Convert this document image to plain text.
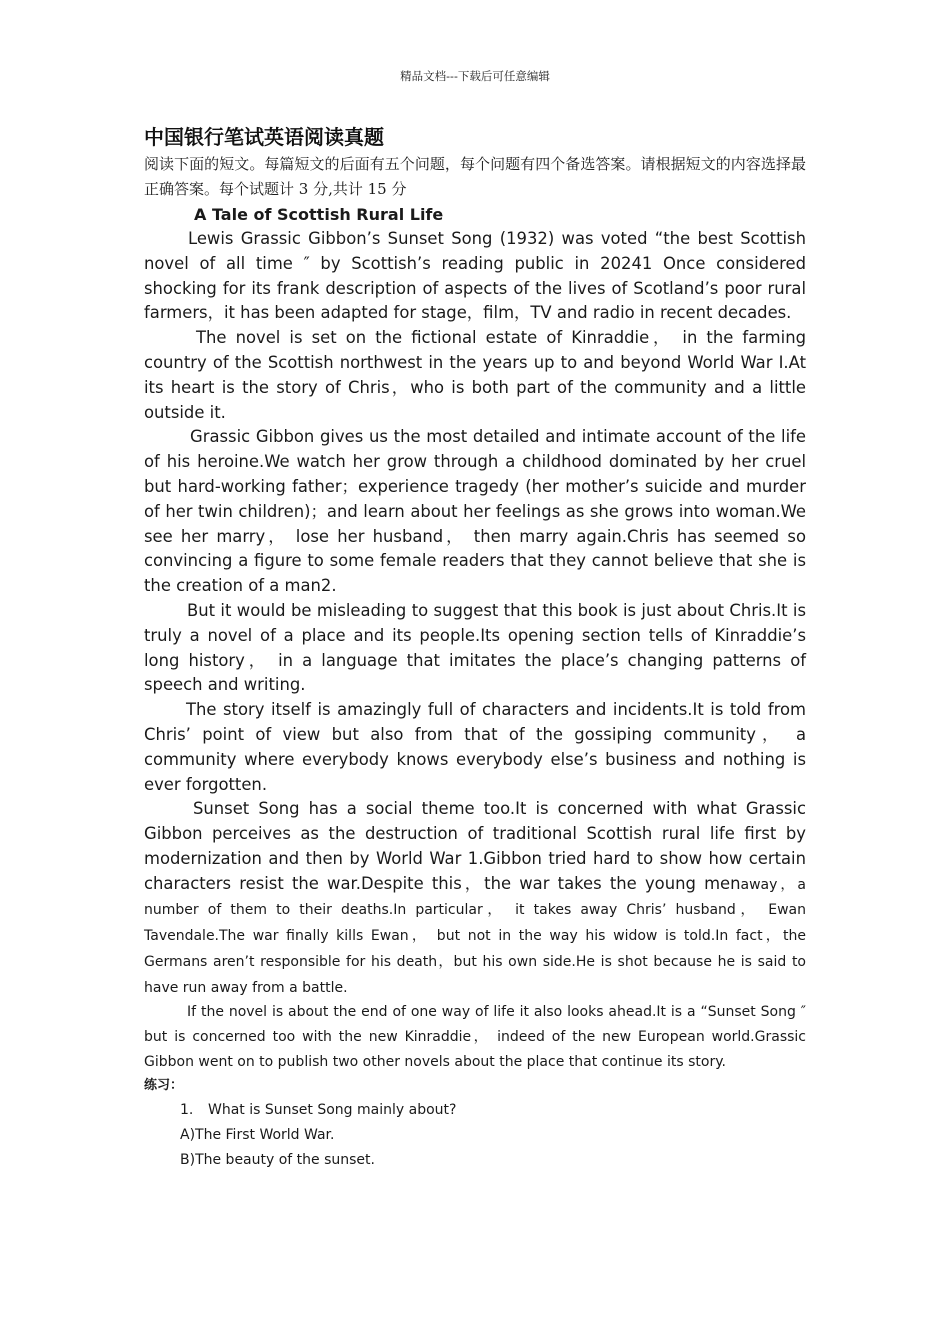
精品文档---下载后可任意编辑
中国银行笔试英语阅读真题

阅读下面的短文。每篇短文的后面有五个问题，每个问题有四个备选答案。请根据短文的内容选择最正确答案。每个试题计 3 分,共计 15 分

A Tale of Scottish Rural Life

Lewis Grassic Gibbon’s Sunset Song (1932) was voted “the best Scottish novel of all time ″ by Scottish’s reading public in 20241 Once considered shocking for its frank description of aspects of the lives of Scotland’s poor rural farmers，it has been adapted for stage，film，TV and radio in recent decades.

The novel is set on the fictional estate of Kinraddie， in the farming country of the Scottish northwest in the years up to and beyond World War I.At its heart is the story of Chris，who is both part of the community and a little outside it.

Grassic Gibbon gives us the most detailed and intimate account of the life of his heroine.We watch her grow through a childhood dominated by her cruel but hard-working father；experience tragedy (her mother’s suicide and murder of her twin children)；and learn about her feelings as she grows into woman.We see her marry， lose her husband， then marry again.Chris has seemed so convincing a figure to some female readers that they cannot believe that she is the creation of a man2.

But it would be misleading to suggest that this book is just about Chris.It is truly a novel of a place and its people.Its opening section tells of Kinraddie’s long history， in a language that imitates the place’s changing patterns of speech and writing.

The story itself is amazingly full of characters and incidents.It is told from Chris’ point of view but also from that of the gossiping community， a community where everybody knows everybody else’s business and nothing is ever forgotten.

Sunset Song has a social theme too.It is concerned with what Grassic Gibbon perceives as the destruction of traditional Scottish rural life first by modernization and then by World War 1.Gibbon tried hard to show how certain characters resist the war.Despite this，the war takes the young menaway，a number of them to their deaths.In particular， it takes away Chris’ husband， Ewan Tavendale.The war finally kills Ewan， but not in the way his widow is told.In fact，the Germans aren’t responsible for his death，but his own side.He is shot because he is said to have run away from a battle.

If the novel is about the end of one way of life it also looks ahead.It is a “Sunset Song ″ but is concerned too with the new Kinraddie， indeed of the new European world.Grassic Gibbon went on to publish two other novels about the place that continue its story.

练习：

1. What is Sunset Song mainly about?

A)The First World War.

B)The beauty of the sunset.
